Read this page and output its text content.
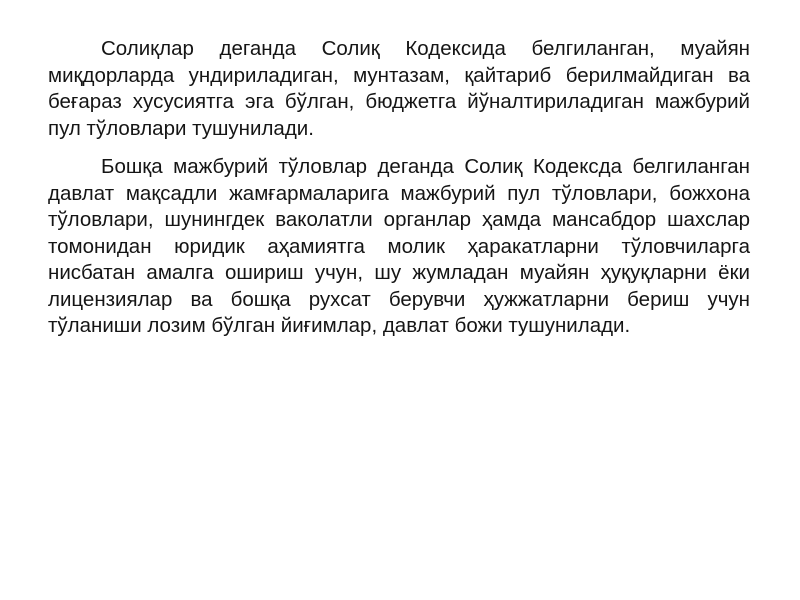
Солиқлар деганда Солиқ Кодексида белгиланган, муайян миқдорларда ундириладиган, мунтазам, қайтариб берилмайдиган ва беғараз хусусиятга эга бўлган, бюджетга йўналтириладиган мажбурий пул тўловлари тушунилади.

Бошқа мажбурий тўловлар деганда Солиқ Кодексда белгиланган давлат мақсадли жамғармаларига мажбурий пул тўловлари, божхона тўловлари, шунингдек ваколатли органлар ҳамда мансабдор шахслар томонидан юридик аҳамиятга молик ҳаракатларни тўловчиларга нисбатан амалга ошириш учун, шу жумладан муайян ҳуқуқларни ёки лицензиялар ва бошқа рухсат берувчи ҳужжатларни бериш учун тўланиши лозим бўлган йиғимлар, давлат божи тушунилади.
